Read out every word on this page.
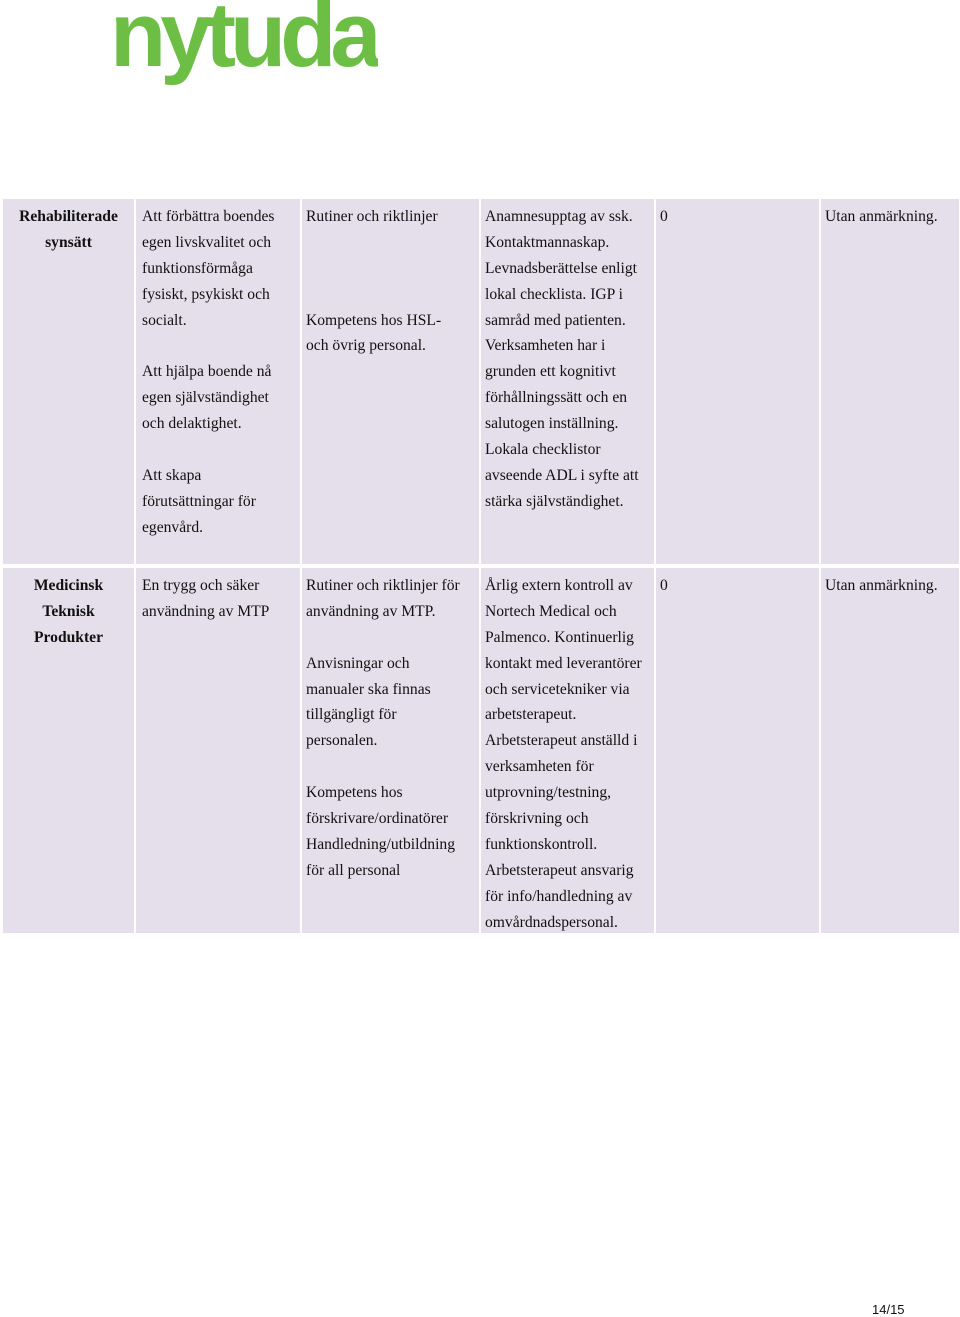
nytuda
Rehabiliterade
synsätt
Att förbättra boendes
egen livskvalitet och
funktionsförmåga
fysiskt, psykiskt och
socialt.
Att hjälpa boende nå
egen självständighet
och delaktighet.
Att skapa
förutsättningar för
egenvård.
Rutiner och riktlinjer
Kompetens hos HSL-
och övrig personal.
Anamnesupptag av ssk.
Kontaktmannaskap.
Levnadsberättelse enligt
lokal checklista. IGP i
samråd med patienten.
Verksamheten har i
grunden ett kognitivt
förhållningssätt och en
salutogen inställning.
Lokala checklistor
avseende ADL i syfte att
stärka självständighet.
0	Utan anmärkning.
Medicinsk
Teknisk
Produkter
En trygg och säker
användning av MTP
Rutiner och riktlinjer för
användning av MTP.
Anvisningar och
manualer ska finnas
tillgängligt för
personalen.
Kompetens hos
förskrivare/ordinatörer
Handledning/utbildning
för all personal
Årlig extern kontroll av
Nortech Medical och
Palmenco. Kontinuerlig
kontakt med leverantörer
och servicetekniker via
arbetsterapeut.
Arbetsterapeut anställd i
verksamheten för
utprovning/testning,
förskrivning och
funktionskontroll.
Arbetsterapeut ansvarig
för info/handledning av
omvårdnadspersonal.
0	Utan anmärkning.
14/15
